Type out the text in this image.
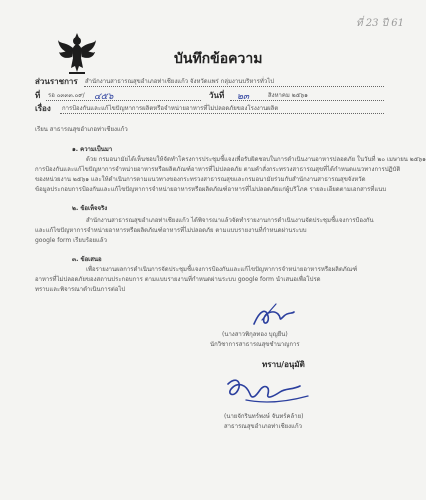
ที่ 23 ปี 61
บันทึกข้อความ
ส่วนราชการ สำนักงานสาธารณสุขอำเภอท่าเชียงแก้ว จังหวัดแพร่ กลุ่มงานบริหารทั่วไป
ที่ รอ ๐๓๓๓.๐๙/ ๔๕๖	วันที่ ๒๓	สิงหาคม ๒๕๖๑
เรื่อง การป้องกันและแก้ไขปัญหาการผลิตหรือจำหน่ายอาหารที่ไม่ปลอดภัยของโรงงานผลิต
เรียน สาธารณสุขอำเภอท่าเชียงแก้ว
๑. ความเป็นมา
ด้วย กรมอนามัยได้เห็นชอบให้จัดทำโครงการประชุมชี้แจงเพื่อรับผิดชอบในการดำเนินงานอาหารปลอดภัย ในวันที่ ๒๐ เมษายน ๒๕๖๑
การป้องกันและแก้ไขปัญหาการจำหน่ายอาหารหรือผลิตภัณฑ์อาหารที่ไม่ปลอดภัย ตามคำสั่งกระทรวงสาธารณสุขที่ได้กำหนดแนวทางการปฏิบัติ
ของหน่วยงาน ๒๕๖๑ และให้ดำเนินการตามแนวทางของกระทรวงสาธารณสุขและกรมอนามัยร่วมกับสำนักงานสาธารณสุขจังหวัด
ข้อมูลประกอบการป้องกันและแก้ไขปัญหาการจำหน่ายอาหารหรือผลิตภัณฑ์อาหารที่ไม่ปลอดภัยแก่ผู้บริโภค รายละเอียดตามเอกสารที่แนบ
๒. ข้อเท็จจริง
สำนักงานสาธารณสุขอำเภอท่าเชียงแก้ว ได้พิจารณาแล้วจัดทำรายงานการดำเนินงานจัดประชุมชี้แจงการป้องกัน
และแก้ไขปัญหาการจำหน่ายอาหารหรือผลิตภัณฑ์อาหารที่ไม่ปลอดภัย ตามแบบรายงานที่กำหนดผ่านระบบ
google form เรียบร้อยแล้ว
๓. ข้อเสนอ
เพื่อรายงานผลการดำเนินการจัดประชุมชี้แจงการป้องกันและแก้ไขปัญหาการจำหน่ายอาหารหรือผลิตภัณฑ์
อาหารที่ไม่ปลอดภัยของสถานประกอบการ ตามแบบรายงานที่กำหนดผ่านระบบ google form นำเสนอเพื่อโปรด
ทราบและพิจารณาดำเนินการต่อไป
(นางสาวพิกุลทอง บุญยืน)
นักวิชาการสาธารณสุขชำนาญการ
ทราบ/อนุมัติ
(นายจักรินทร์พงษ์ จันทร์คล้าย)
สาธารณสุขอำเภอท่าเชียงแก้ว
